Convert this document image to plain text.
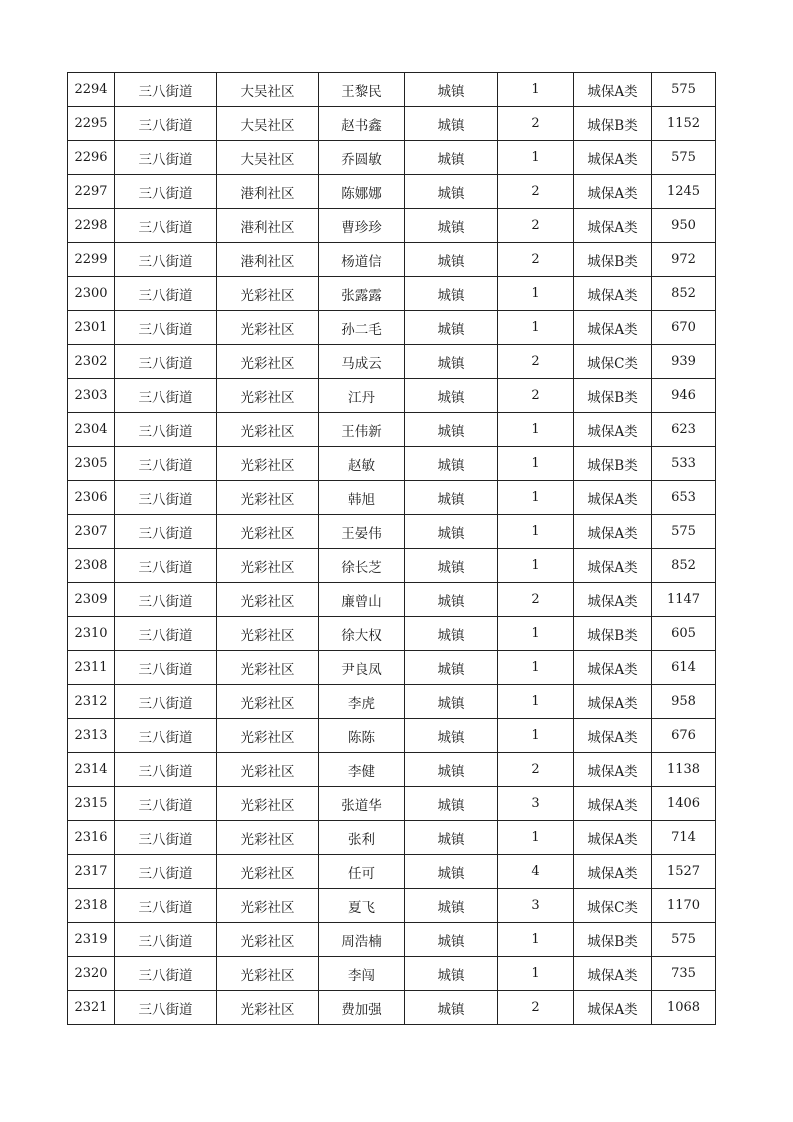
2294	三八街道	大吴社区	王黎民	城镇	1	城保A类	575
2295	三八街道	大吴社区	赵书鑫	城镇	2	城保B类	1152
2296	三八街道	大吴社区	乔圆敏	城镇	1	城保A类	575
2297	三八街道	港利社区	陈娜娜	城镇	2	城保A类	1245
2298	三八街道	港利社区	曹珍珍	城镇	2	城保A类	950
2299	三八街道	港利社区	杨道信	城镇	2	城保B类	972
2300	三八街道	光彩社区	张露露	城镇	1	城保A类	852
2301	三八街道	光彩社区	孙二毛	城镇	1	城保A类	670
2302	三八街道	光彩社区	马成云	城镇	2	城保C类	939
2303	三八街道	光彩社区	江丹	城镇	2	城保B类	946
2304	三八街道	光彩社区	王伟新	城镇	1	城保A类	623
2305	三八街道	光彩社区	赵敏	城镇	1	城保B类	533
2306	三八街道	光彩社区	韩旭	城镇	1	城保A类	653
2307	三八街道	光彩社区	王晏伟	城镇	1	城保A类	575
2308	三八街道	光彩社区	徐长芝	城镇	1	城保A类	852
2309	三八街道	光彩社区	廉曾山	城镇	2	城保A类	1147
2310	三八街道	光彩社区	徐大权	城镇	1	城保B类	605
2311	三八街道	光彩社区	尹良凤	城镇	1	城保A类	614
2312	三八街道	光彩社区	李虎	城镇	1	城保A类	958
2313	三八街道	光彩社区	陈陈	城镇	1	城保A类	676
2314	三八街道	光彩社区	李健	城镇	2	城保A类	1138
2315	三八街道	光彩社区	张道华	城镇	3	城保A类	1406
2316	三八街道	光彩社区	张利	城镇	1	城保A类	714
2317	三八街道	光彩社区	任可	城镇	4	城保A类	1527
2318	三八街道	光彩社区	夏飞	城镇	3	城保C类	1170
2319	三八街道	光彩社区	周浩楠	城镇	1	城保B类	575
2320	三八街道	光彩社区	李闯	城镇	1	城保A类	735
2321	三八街道	光彩社区	费加强	城镇	2	城保A类	1068
